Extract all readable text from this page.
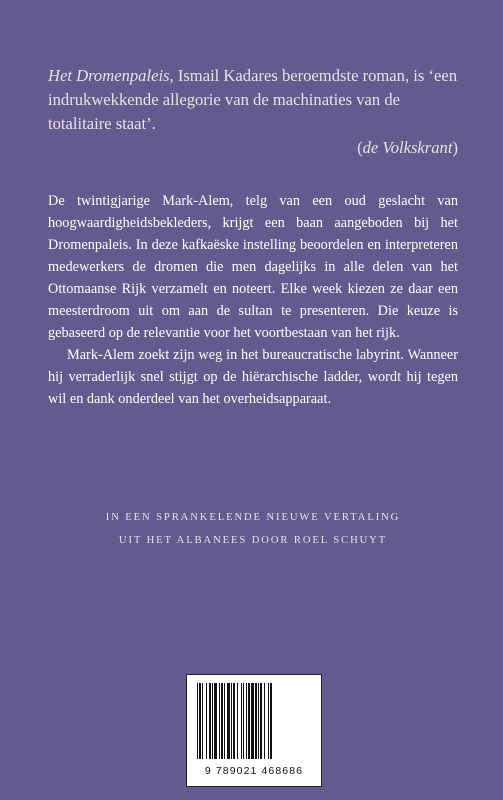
Het Dromenpaleis, Ismail Kadares beroemdste roman, is ‘een indrukwekkende allegorie van de machinaties van de totalitaire staat’.

(de Volkskrant)

De twintigjarige Mark-Alem, telg van een oud geslacht van hoogwaardigheidsbekleders, krijgt een baan aangeboden bij het Dromenpaleis. In deze kafkaëske instelling beoordelen en interpreteren medewerkers de dromen die men dagelijks in alle delen van het Ottomaanse Rijk verzamelt en noteert. Elke week kiezen ze daar een meesterdroom uit om aan de sultan te presenteren. Die keuze is gebaseerd op de relevantie voor het voortbestaan van het rijk.

Mark-Alem zoekt zijn weg in het bureaucratische labyrint. Wanneer hij verraderlijk snel stijgt op de hiërarchische ladder, wordt hij tegen wil en dank onderdeel van het overheidsapparaat.

IN EEN SPRANKELENDE NIEUWE VERTALING
UIT HET ALBANEES DOOR ROEL SCHUYT
9 789021 468686
